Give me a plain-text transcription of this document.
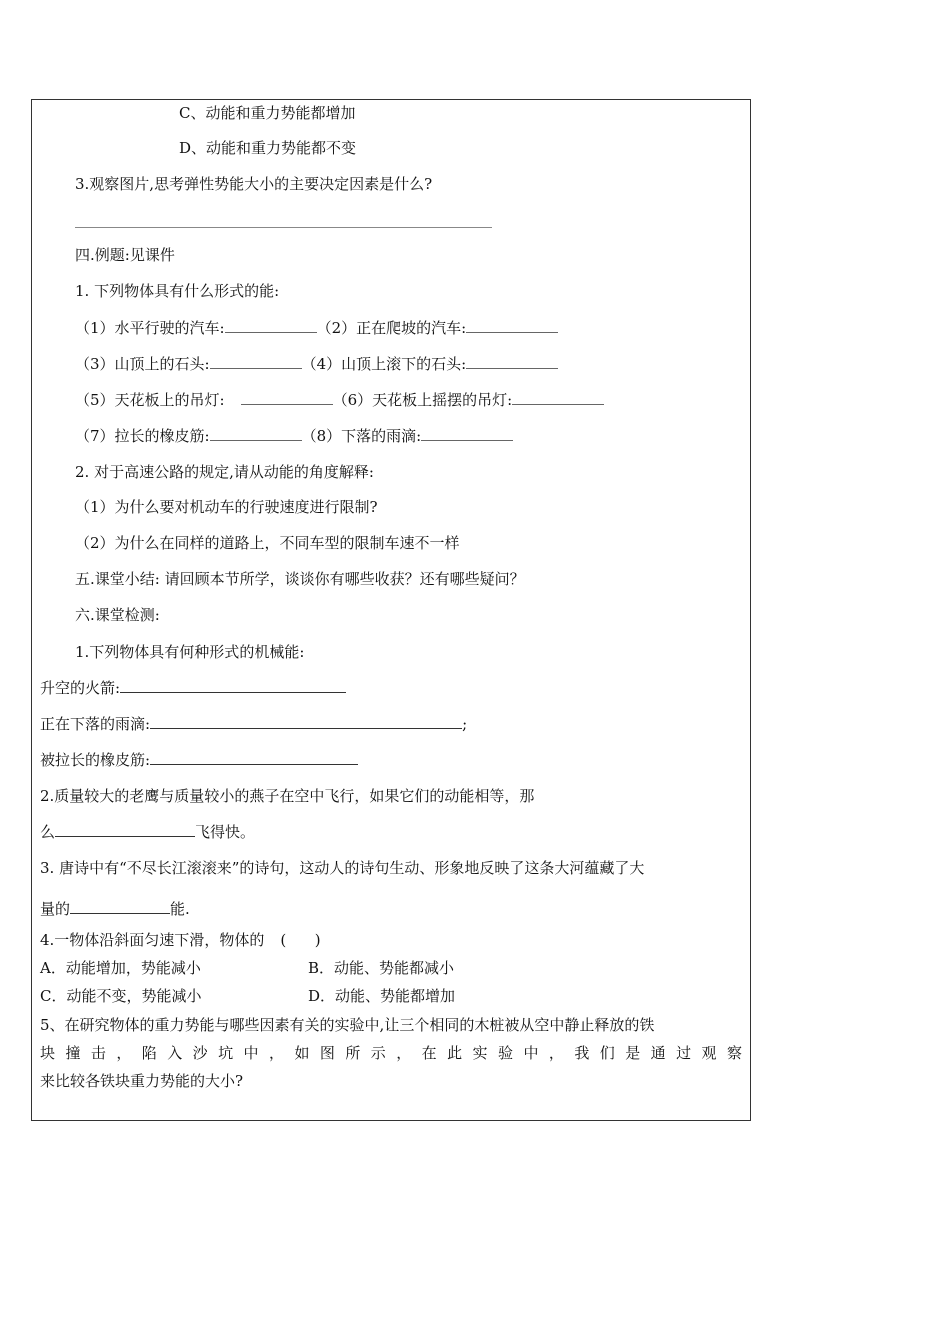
C、动能和重力势能都增加
D、动能和重力势能都不变
3.观察图片,思考弹性势能大小的主要决定因素是什么?
四.例题:见课件
1. 下列物体具有什么形式的能:
（1）水平行驶的汽车:	（2）正在爬坡的汽车:
（3）山顶上的石头:	（4）山顶上滚下的石头:
（5）天花板上的吊灯:	（6）天花板上摇摆的吊灯:
（7）拉长的橡皮筋:	（8）下落的雨滴:
2. 对于高速公路的规定,请从动能的角度解释:
（1）为什么要对机动车的行驶速度进行限制?
（2）为什么在同样的道路上，不同车型的限制车速不一样
五.课堂小结: 请回顾本节所学，谈谈你有哪些收获？还有哪些疑问？
六.课堂检测:
1.下列物体具有何种形式的机械能:
升空的火箭:
正在下落的雨滴:	;
被拉长的橡皮筋:
2.质量较大的老鹰与质量较小的燕子在空中飞行，如果它们的动能相等，那
么	飞得快。
3. 唐诗中有“不尽长江滚滚来”的诗句，这动人的诗句生动、形象地反映了这条大河蕴藏了大
量的	能.
4.一物体沿斜面匀速下滑，物体的 (      )
A．动能增加，势能减小	B．动能、势能都减小
C．动能不变，势能减小	D．动能、势能都增加
5、在研究物体的重力势能与哪些因素有关的实验中,让三个相同的木桩被从空中静止释放的铁
块 撞 击 ， 陷 入 沙 坑 中 ， 如 图 所 示 ， 在 此 实 验 中 ， 我 们 是 通 过 观 察
来比较各铁块重力势能的大小?
